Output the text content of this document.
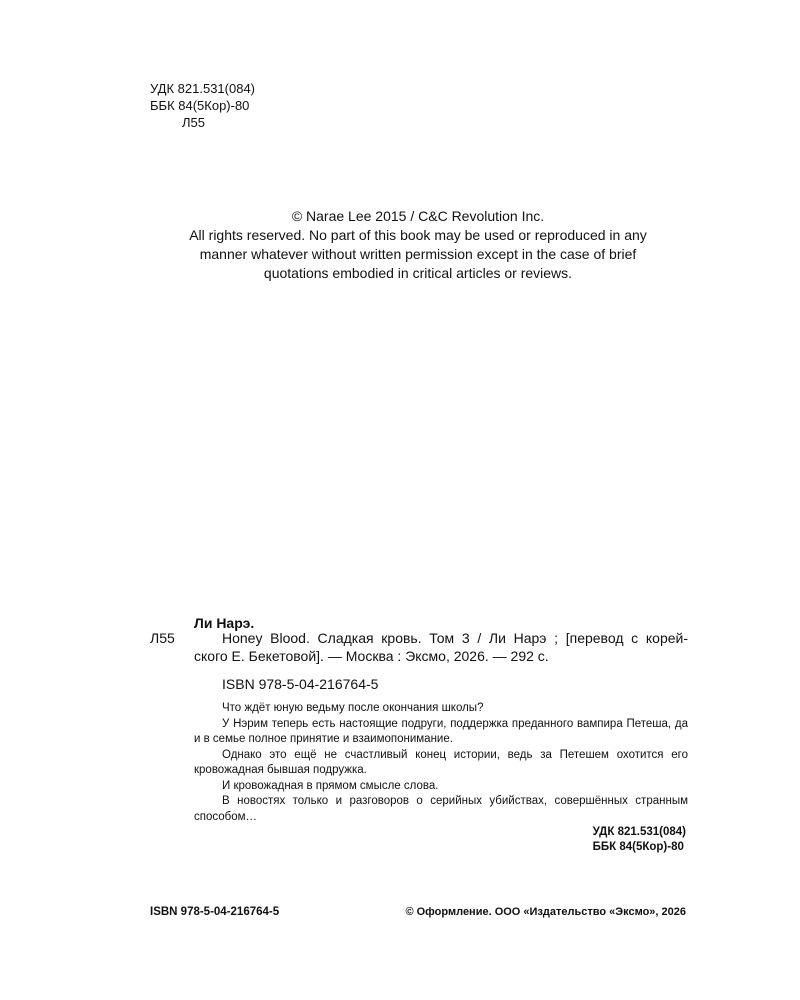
УДК 821.531(084)
ББК 84(5Кор)-80
Л55
© Narae Lee 2015 / C&C Revolution Inc.
All rights reserved. No part of this book may be used or reproduced in any
manner whatever without written permission except in the case of brief
quotations embodied in critical articles or reviews.
Ли Нарэ.
Л55	Honey Blood. Сладкая кровь. Том 3 / Ли Нарэ ; [перевод с корей-
ского Е. Бекетовой]. — Москва : Эксмо, 2026. — 292 с.
ISBN 978-5-04-216764-5

Что ждёт юную ведьму после окончания школы?

У Нэрим теперь есть настоящие подруги, поддержка преданного вампира Петеша, да и в семье полное принятие и взаимопонимание.

Однако это ещё не счастливый конец истории, ведь за Петешем охотится его кровожадная бывшая подружка.

И кровожадная в прямом смысле слова.

В новостях только и разговоров о серийных убийствах, совершённых странным способом…

УДК 821.531(084)
ББК 84(5Кор)-80
ISBN 978-5-04-216764-5	© Оформление. ООО «Издательство «Эксмо», 2026
